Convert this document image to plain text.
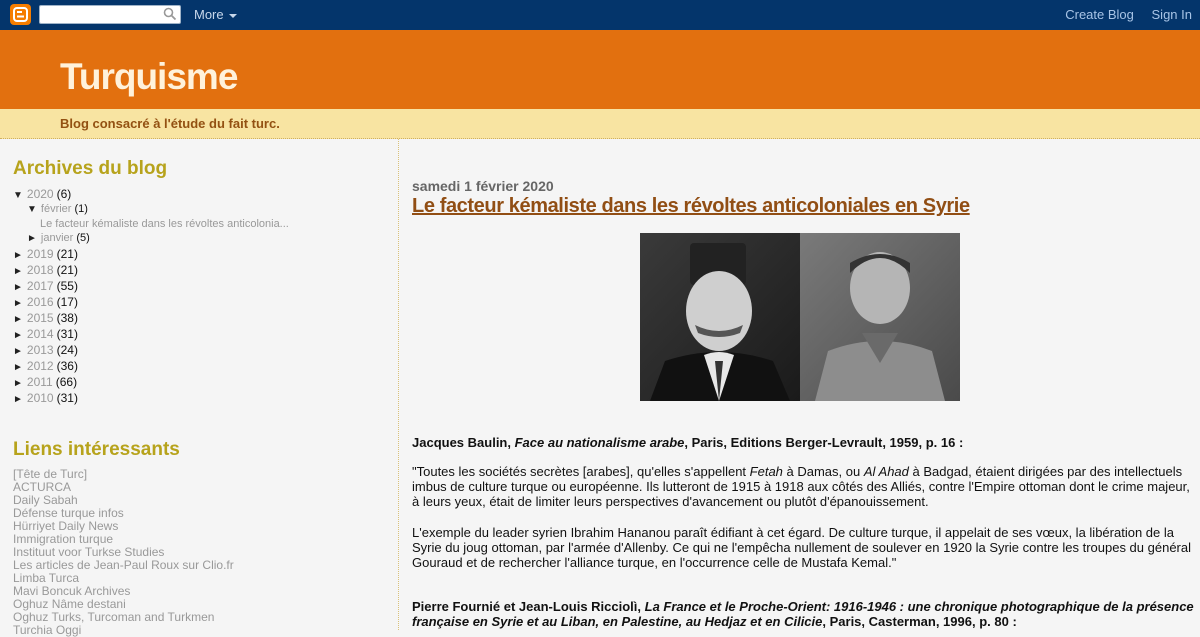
More	Create Blog Sign In
Turquisme
Blog consacré à l'étude du fait turc.
Archives du blog
▼ 2020 (6)
▼ février (1)
Le facteur kémaliste dans les révoltes anticolonia...
► janvier (5)
► 2019 (21)
► 2018 (21)
► 2017 (55)
► 2016 (17)
► 2015 (38)
► 2014 (31)
► 2013 (24)
► 2012 (36)
► 2011 (66)
► 2010 (31)
Liens intéressants
[Tête de Turc]
ACTURCA
Daily Sabah
Défense turque infos
Hürriyet Daily News
Immigration turque
Instituut voor Turkse Studies
Les articles de Jean-Paul Roux sur Clio.fr
Limba Turca
Mavi Boncuk Archives
Oghuz Nâme destani
Oghuz Turks, Turcoman and Turkmen
Turchia Oggi
samedi 1 février 2020
Le facteur kémaliste dans les révoltes anticoloniales en Syrie
Jacques Baulin, Face au nationalisme arabe, Paris, Editions Berger-Levrault, 1959, p. 16 :
"Toutes les sociétés secrètes [arabes], qu'elles s'appellent Fetah à Damas, ou Al Ahad à Badgad, étaient dirigées par des intellectuels imbus de culture turque ou européenne. Ils lutteront de 1915 à 1918 aux côtés des Alliés, contre l'Empire ottoman dont le crime majeur, à leurs yeux, était de limiter leurs perspectives d'avancement ou plutôt d'épanouissement.
L'exemple du leader syrien Ibrahim Hananou paraît édifiant à cet égard. De culture turque, il appelait de ses vœux, la libération de la Syrie du joug ottoman, par l'armée d'Allenby. Ce qui ne l'empêcha nullement de soulever en 1920 la Syrie contre les troupes du général Gouraud et de rechercher l'alliance turque, en l'occurrence celle de Mustafa Kemal."
Pierre Fournié et Jean-Louis Ricciolì, La France et le Proche-Orient: 1916-1946 : une chronique photographique de la présence française en Syrie et au Liban, en Palestine, au Hedjaz et en Cilicie, Paris, Casterman, 1996, p. 80 :
